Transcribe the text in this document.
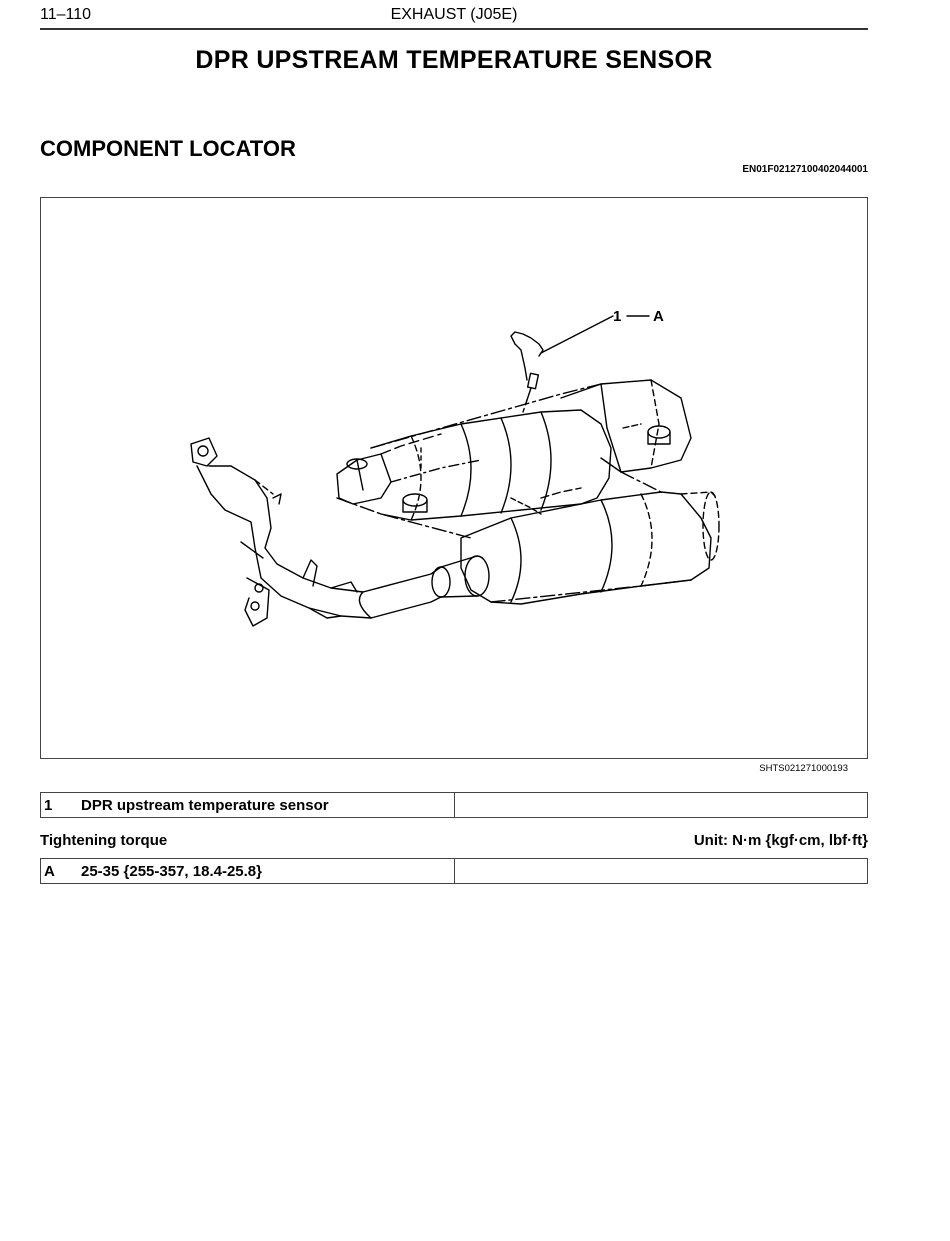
11–110	EXHAUST (J05E)
DPR UPSTREAM TEMPERATURE SENSOR
COMPONENT LOCATOR
EN01F02127100402044001
1 A
SHTS021271000193
1 DPR upstream temperature sensor	
Tightening torque	Unit: N·m {kgf·cm, lbf·ft}
A 25-35 {255-357, 18.4-25.8}	
